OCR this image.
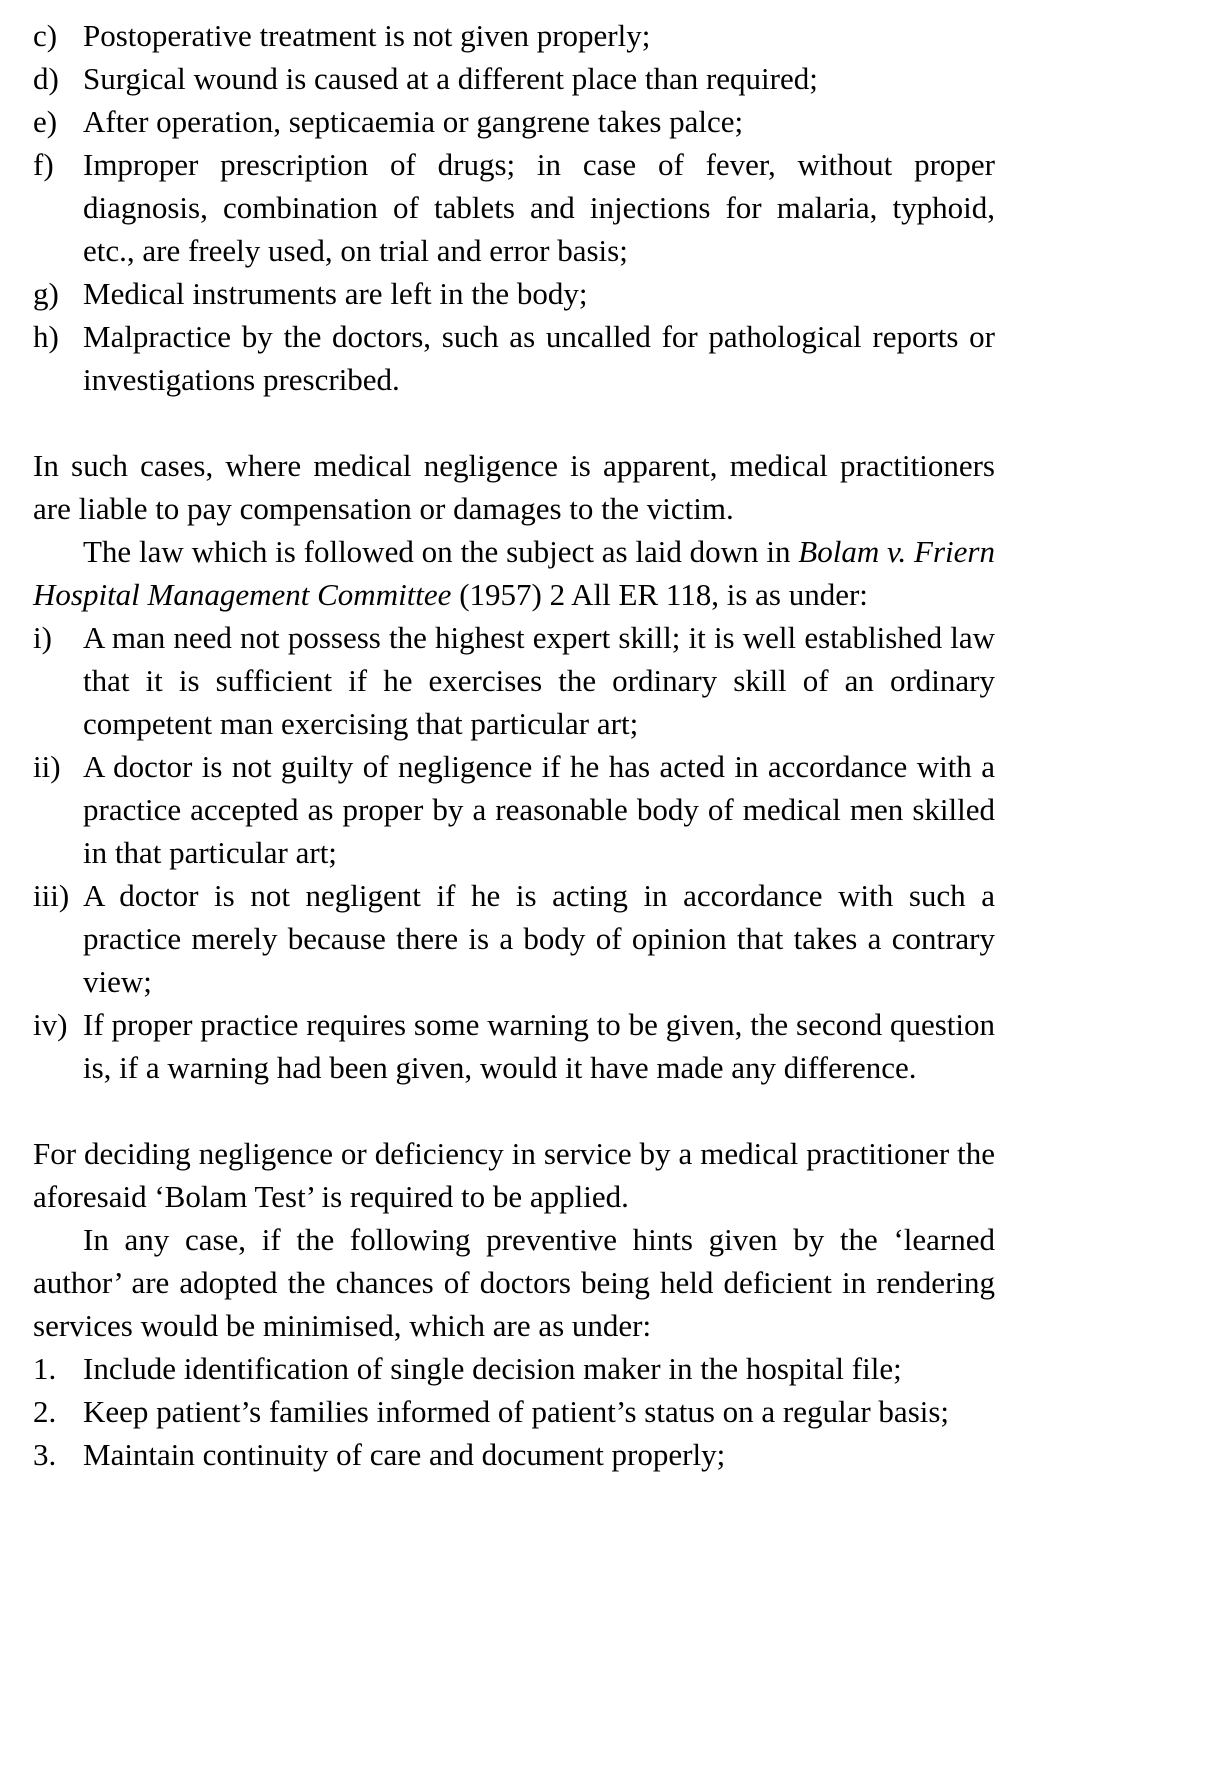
c) Postoperative treatment is not given properly;
d) Surgical wound is caused at a different place than required;
e) After operation, septicaemia or gangrene takes palce;
f) Improper prescription of drugs; in case of fever, without proper diagnosis, combination of tablets and injections for malaria, typhoid, etc., are freely used, on trial and error basis;
g) Medical instruments are left in the body;
h) Malpractice by the doctors, such as uncalled for pathological reports or investigations prescribed.

In such cases, where medical negligence is apparent, medical practitioners are liable to pay compensation or damages to the victim.

The law which is followed on the subject as laid down in Bolam v. Friern Hospital Management Committee (1957) 2 All ER 118, is as under:

i)	A man need not possess the highest expert skill; it is well established law that it is sufficient if he exercises the ordinary skill of an ordinary competent man exercising that particular art;
ii) A doctor is not guilty of negligence if he has acted in accordance with a practice accepted as proper by a reasonable body of medical men skilled in that particular art;
iii) A doctor is not negligent if he is acting in accordance with such a practice merely because there is a body of opinion that takes a contrary view;
iv) If proper practice requires some warning to be given, the second question is, if a warning had been given, would it have made any difference.

For deciding negligence or deficiency in service by a medical practitioner the aforesaid ‘Bolam Test’ is required to be applied.

In any case, if the following preventive hints given by the ‘learned author’ are adopted the chances of doctors being held deficient in rendering services would be minimised, which are as under:

1. Include identification of single decision maker in the hospital file;
2. Keep patient’s families informed of patient’s status on a regular basis;
3. Maintain continuity of care and document properly;
